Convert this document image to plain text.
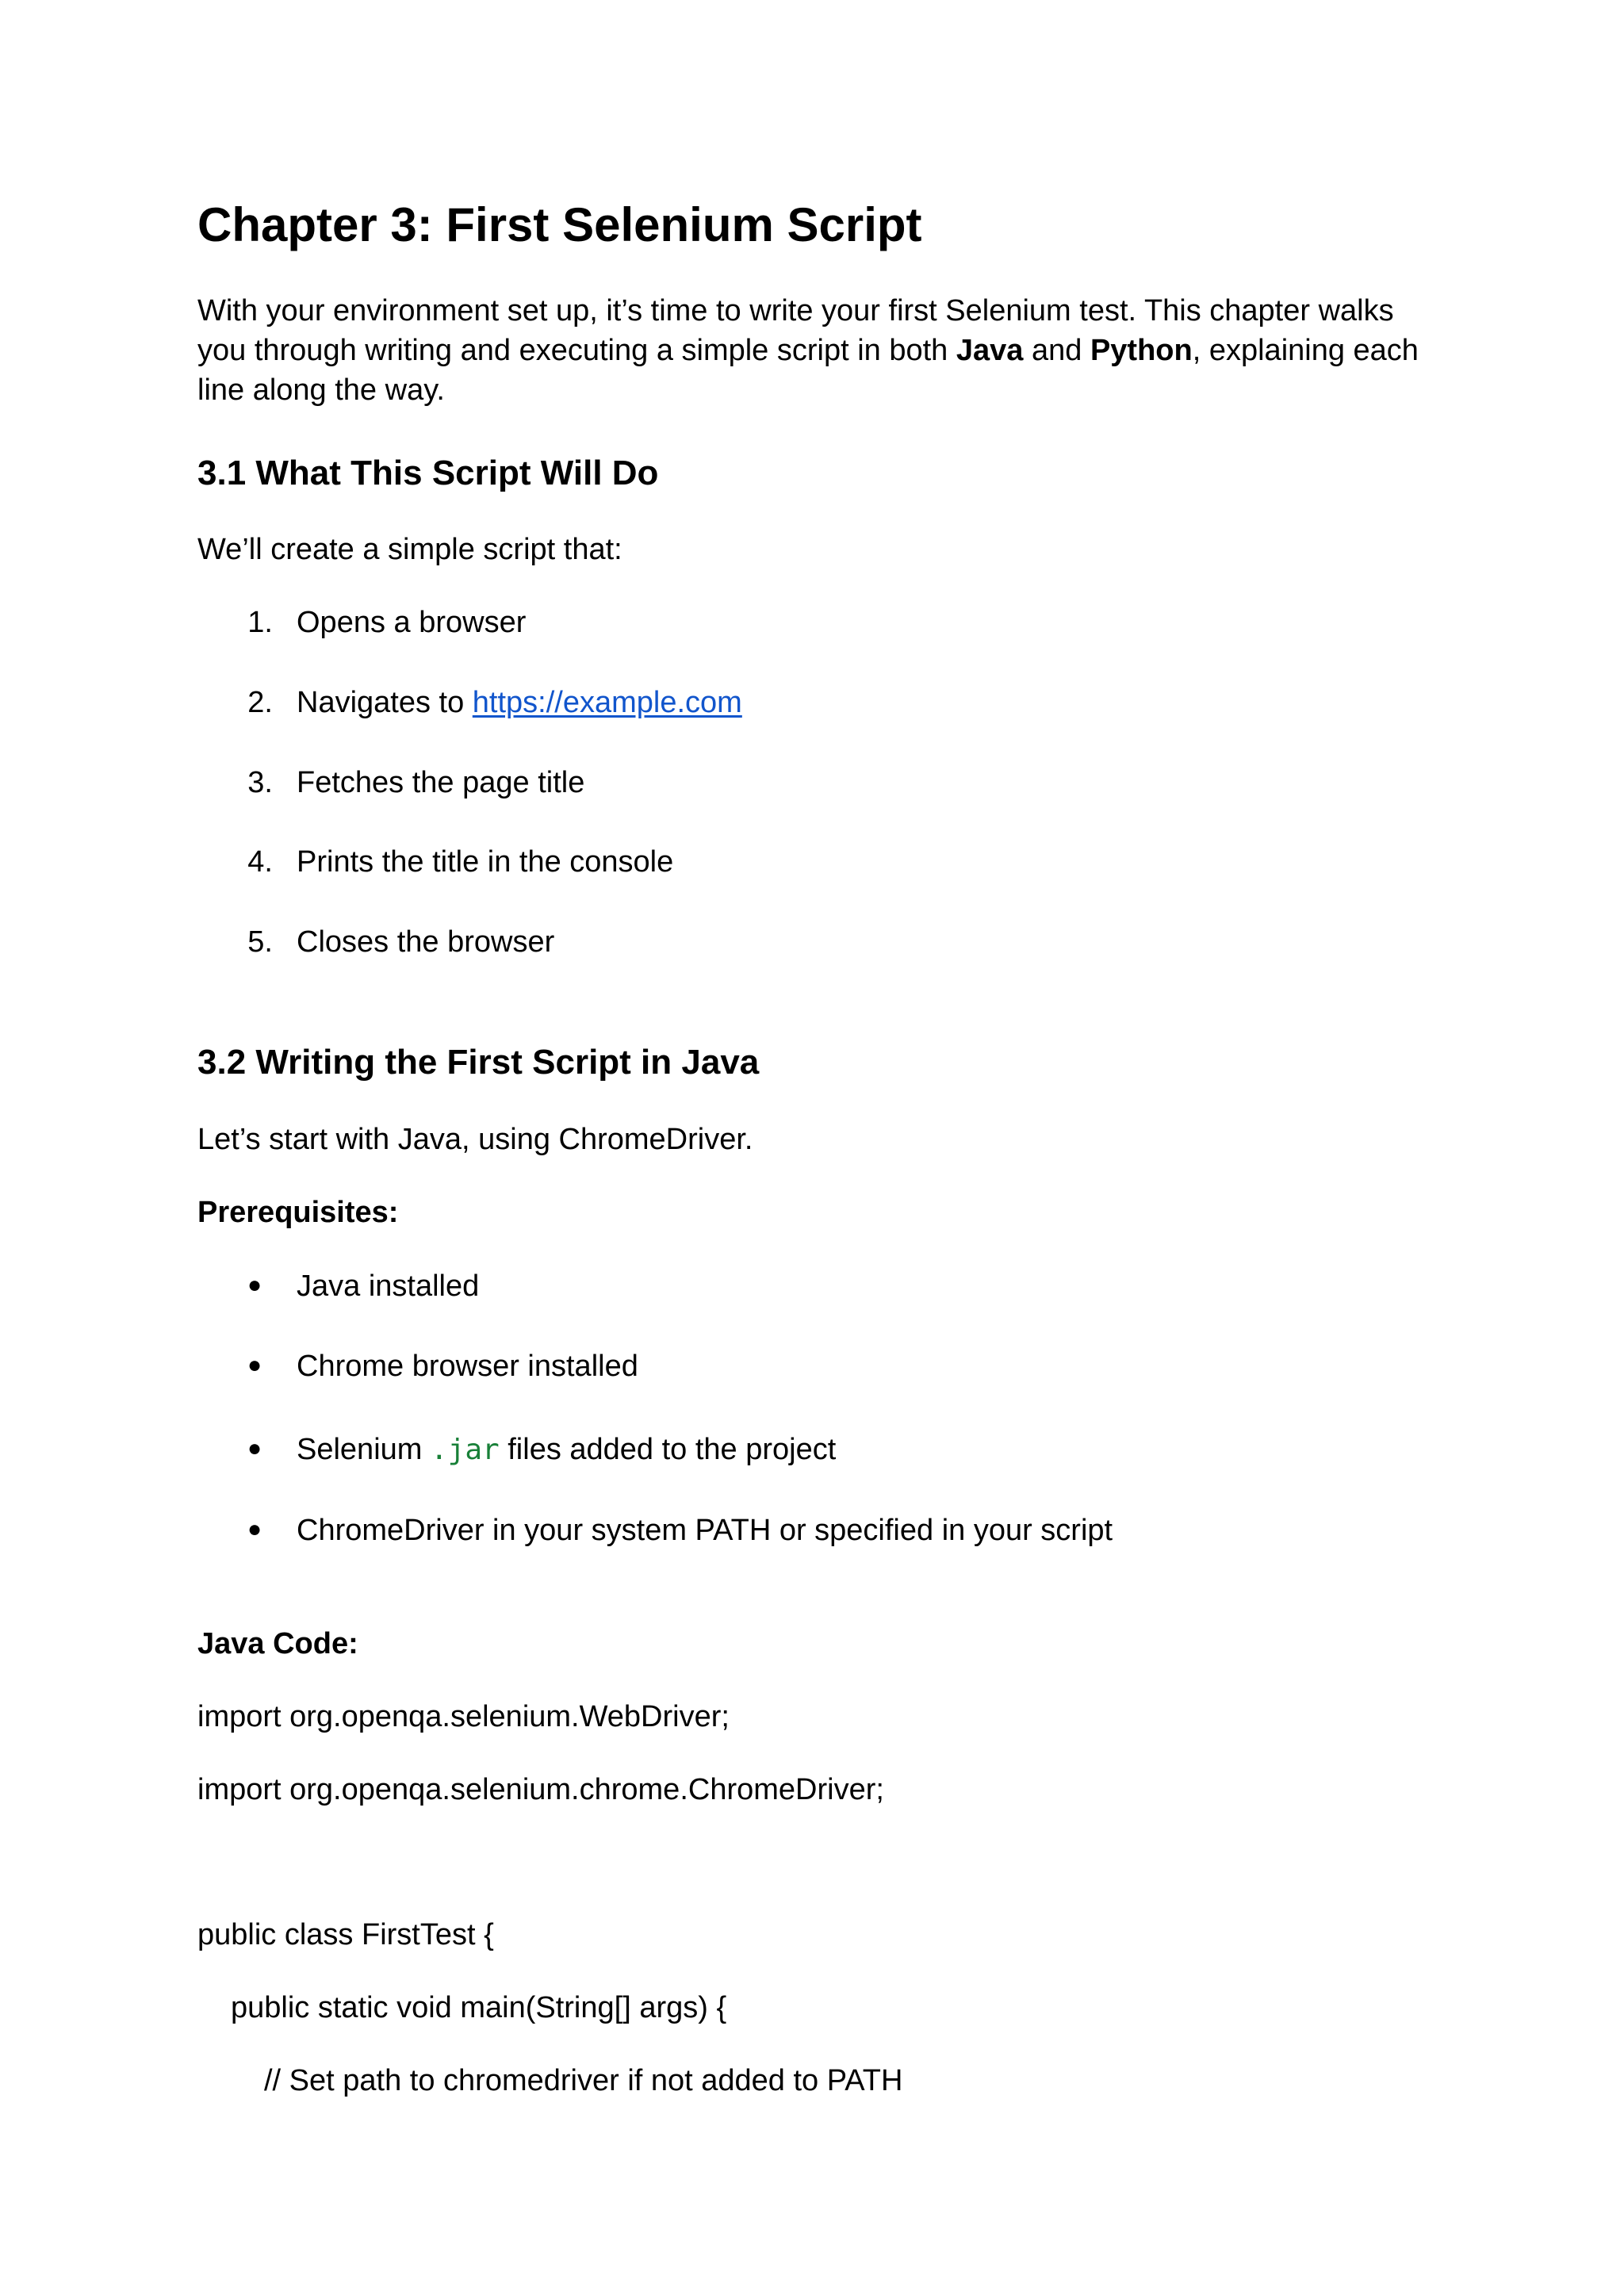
Chapter 3: First Selenium Script
With your environment set up, it’s time to write your first Selenium test. This chapter walks
you through writing and executing a simple script in both Java and Python, explaining each
line along the way.
3.1 What This Script Will Do
We’ll create a simple script that:
1. Opens a browser
2. Navigates to https://example.com
3. Fetches the page title
4. Prints the title in the console
5. Closes the browser
3.2 Writing the First Script in Java
Let’s start with Java, using ChromeDriver.
Prerequisites:
● Java installed
● Chrome browser installed
● Selenium .jar files added to the project
● ChromeDriver in your system PATH or specified in your script
Java Code:
import org.openqa.selenium.WebDriver;
import org.openqa.selenium.chrome.ChromeDriver;
public class FirstTest {
public static void main(String[] args) {
// Set path to chromedriver if not added to PATH
